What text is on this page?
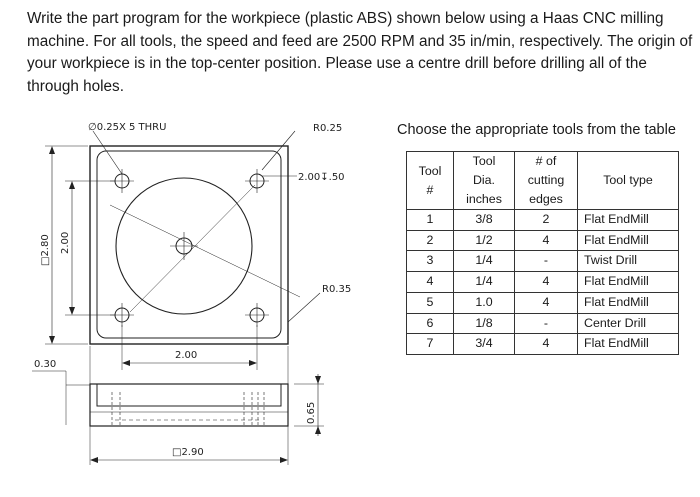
Write the part program for the workpiece (plastic ABS) shown below using a Haas CNC milling
machine. For all tools, the speed and feed are 2500 RPM and 35 in/min, respectively. The origin of
your workpiece is in the top-center position. Please use a centre drill before drilling all of the
through holes.

∅0.25X 5 THRU	R0.25
2.00↧.50
R0.35
□2.80 2.00
2.00
0.30
0.65
□2.90

Choose the appropriate tools from the table

Tool
#	Tool
Dia.
inches	# of
cutting
edges	Tool type
1	3/8	2	Flat EndMill
2	1/2	4	Flat EndMill
3	1/4	-	Twist Drill
4	1/4	4	Flat EndMill
5	1.0	4	Flat EndMill
6	1/8	-	Center Drill
7	3/4	4	Flat EndMill
